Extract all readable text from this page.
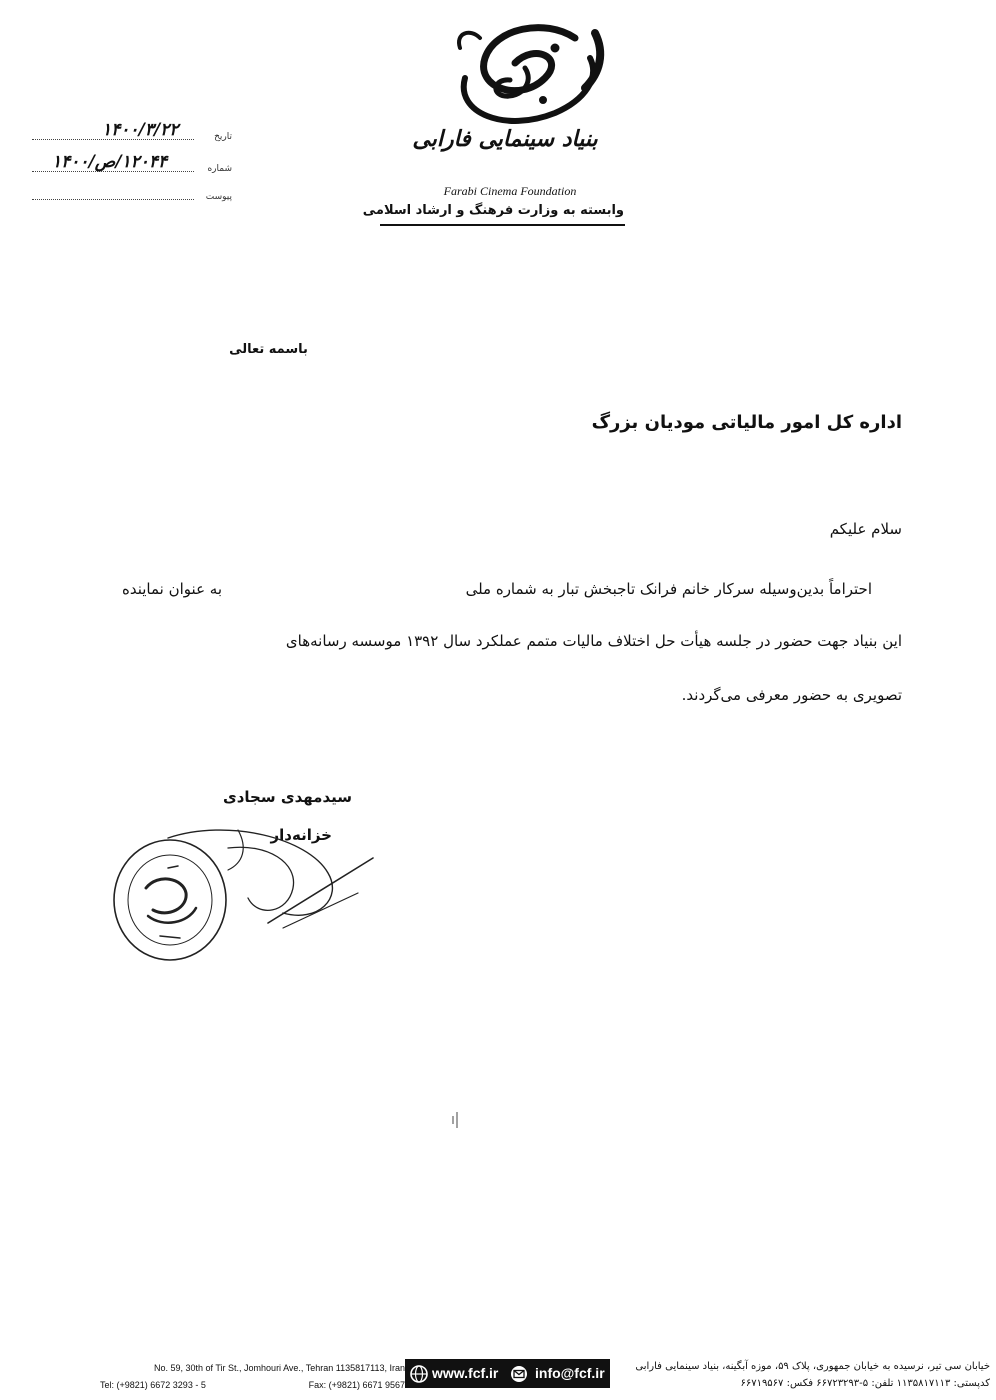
بنیاد سینمایی فارابی
Farabi Cinema Foundation
وابسته به وزارت فرهنگ و ارشاد اسلامی
۱۴۰۰/۳/۲۲	تاریخ
۱۲۰۴۴/ص/۱۴۰۰	شماره
پیوست
باسمه تعالی
اداره کل امور مالیاتی مودیان بزرگ
سلام علیکم
احتراماً بدین‌وسیله سرکار خانم فرانک تاجبخش تبار به شماره ملی
به عنوان نماینده
این بنیاد جهت حضور در جلسه هیأت حل اختلاف مالیات متمم عملکرد سال ۱۳۹۲ موسسه رسانه‌های
تصویری به حضور معرفی می‌گردند.
سیدمهدی سجادی
خزانه‌دار
No. 59, 30th of Tir St., Jomhouri Ave., Tehran 1135817113, Iran
Tel: (+9821) 6672 3293 - 5	Fax: (+9821) 6671 9567
www.fcf.ir	info@fcf.ir	خیابان سی تیر، نرسیده به خیابان جمهوری، پلاک ۵۹، موزه آبگینه، بنیاد سینمایی فارابی
کدپستی: ۱۱۳۵۸۱۷۱۱۳ تلفن: ۵-۶۶۷۲۳۲۹۳ فکس: ۶۶۷۱۹۵۶۷
